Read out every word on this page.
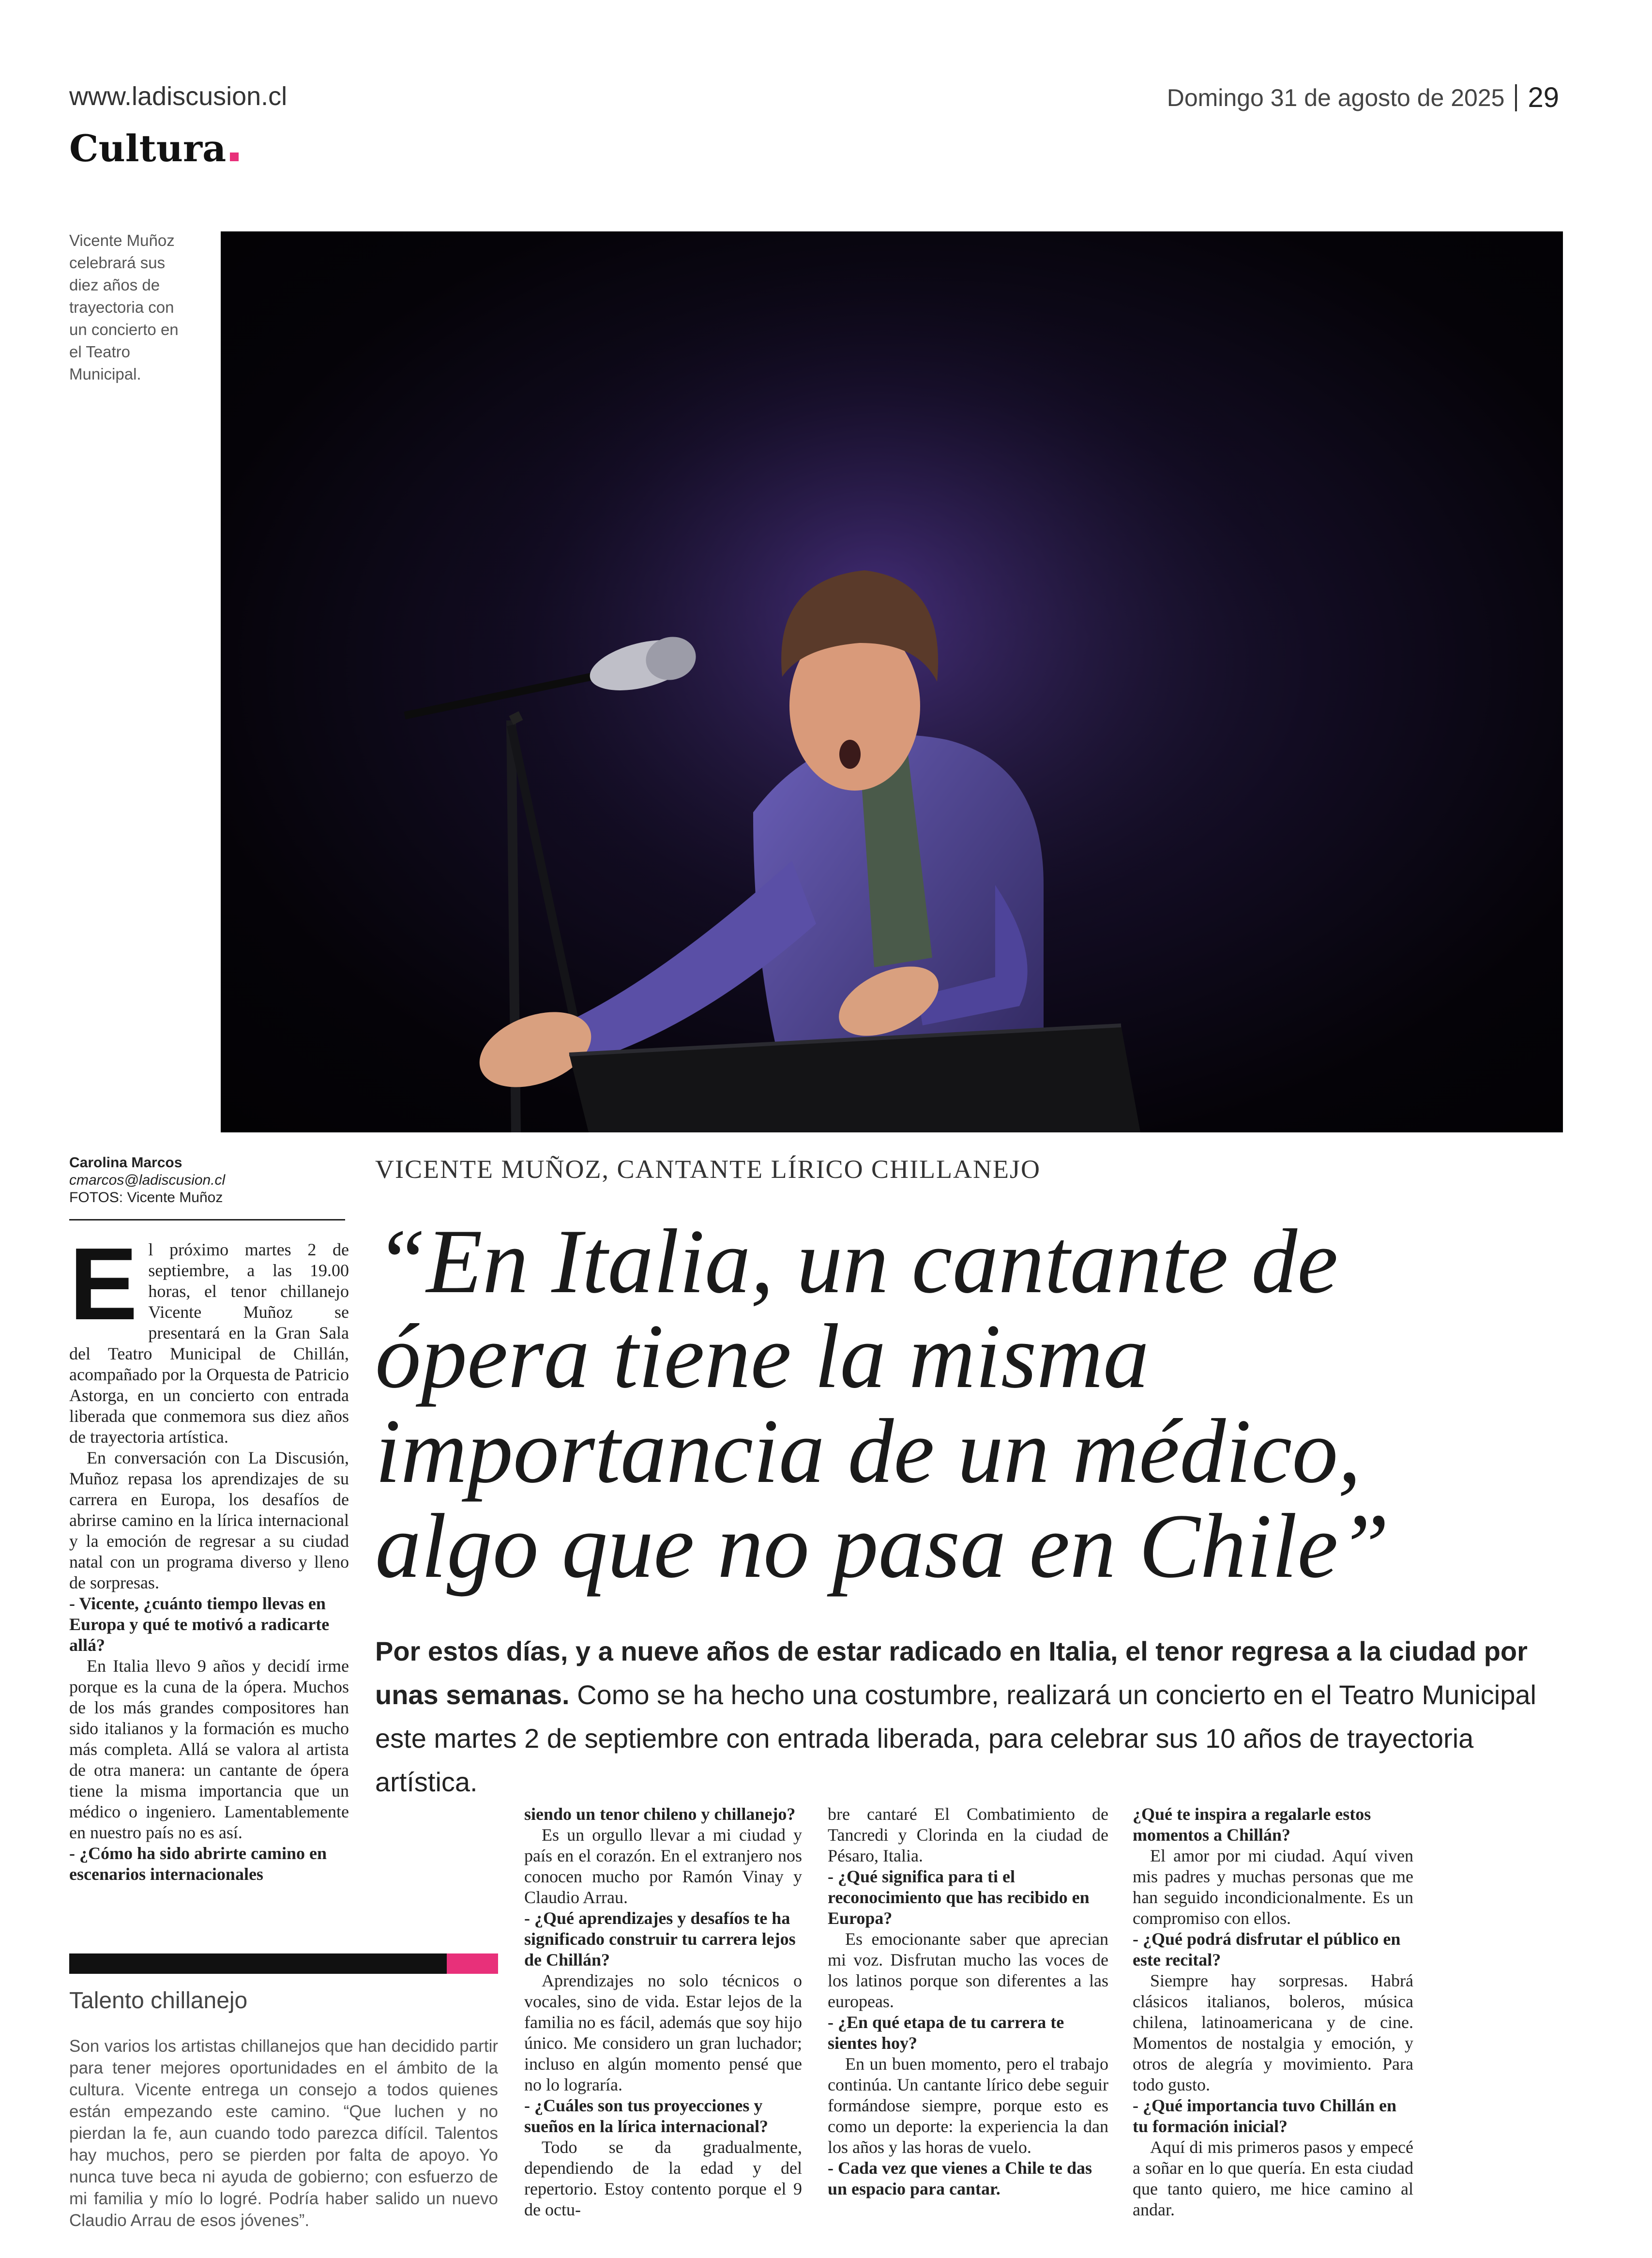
www.ladiscusion.cl	Domingo 31 de agosto de 2025 29
Cultura
Vicente Muñoz celebrará sus diez años de trayectoria con un concierto en el Teatro Municipal.
Carolina Marcos
cmarcos@ladiscusion.cl
FOTOS: Vicente Muñoz
VICENTE MUÑOZ, CANTANTE LÍRICO CHILLANEJO
“En Italia, un cantante de ópera tiene la misma importancia de un médico, algo que no pasa en Chile”
Por estos días, y a nueve años de estar radicado en Italia, el tenor regresa a la ciudad por unas semanas. Como se ha hecho una costumbre, realizará un concierto en el Teatro Municipal este martes 2 de septiembre con entrada liberada, para celebrar sus 10 años de trayectoria artística.
E l próximo martes 2 de septiembre, a las 19.00 horas, el tenor chillanejo Vicente Muñoz se presentará en la Gran Sala del Teatro Municipal de Chillán, acompañado por la Orquesta de Patricio Astorga, en un concierto con entrada liberada que conmemora sus diez años de trayectoria artística.

En conversación con La Discusión, Muñoz repasa los aprendizajes de su carrera en Europa, los desafíos de abrirse camino en la lírica internacional y la emoción de regresar a su ciudad natal con un programa diverso y lleno de sorpresas.

- Vicente, ¿cuánto tiempo llevas en Europa y qué te motivó a radicarte allá?

En Italia llevo 9 años y decidí irme porque es la cuna de la ópera. Muchos de los más grandes compositores han sido italianos y la formación es mucho más completa. Allá se valora al artista de otra manera: un cantante de ópera tiene la misma importancia que un médico o ingeniero. Lamentablemente en nuestro país no es así.

- ¿Cómo ha sido abrirte camino en escenarios internacionales

siendo un tenor chileno y chillanejo?

Es un orgullo llevar a mi ciudad y país en el corazón. En el extranjero nos conocen mucho por Ramón Vinay y Claudio Arrau.

- ¿Qué aprendizajes y desafíos te ha significado construir tu carrera lejos de Chillán?

Aprendizajes no solo técnicos o vocales, sino de vida. Estar lejos de la familia no es fácil, además que soy hijo único. Me considero un gran luchador; incluso en algún momento pensé que no lo lograría.

- ¿Cuáles son tus proyecciones y sueños en la lírica internacional?

Todo se da gradualmente, dependiendo de la edad y del repertorio. Estoy contento porque el 9 de octu-

bre cantaré El Combatimiento de Tancredi y Clorinda en la ciudad de Pésaro, Italia.

- ¿Qué significa para ti el reconocimiento que has recibido en Europa?

Es emocionante saber que aprecian mi voz. Disfrutan mucho las voces de los latinos porque son diferentes a las europeas.

- ¿En qué etapa de tu carrera te sientes hoy?

En un buen momento, pero el trabajo continúa. Un cantante lírico debe seguir formándose siempre, porque esto es como un deporte: la experiencia la dan los años y las horas de vuelo.

- Cada vez que vienes a Chile te das un espacio para cantar.

¿Qué te inspira a regalarle estos momentos a Chillán?

El amor por mi ciudad. Aquí viven mis padres y muchas personas que me han seguido incondicionalmente. Es un compromiso con ellos.

- ¿Qué podrá disfrutar el público en este recital?

Siempre hay sorpresas. Habrá clásicos italianos, boleros, música chilena, latinoamericana y de cine. Momentos de nostalgia y emoción, y otros de alegría y movimiento. Para todo gusto.

- ¿Qué importancia tuvo Chillán en tu formación inicial?

Aquí di mis primeros pasos y empecé a soñar en lo que quería. En esta ciudad que tanto quiero, me hice camino al andar.

Talento chillanejo
Son varios los artistas chillanejos que han decidido partir para tener mejores oportunidades en el ámbito de la cultura. Vicente entrega un consejo a todos quienes están empezando este camino. “Que luchen y no pierdan la fe, aun cuando todo parezca difícil. Talentos hay muchos, pero se pierden por falta de apoyo. Yo nunca tuve beca ni ayuda de gobierno; con esfuerzo de mi familia y mío lo logré. Podría haber salido un nuevo Claudio Arrau de esos jóvenes”.
